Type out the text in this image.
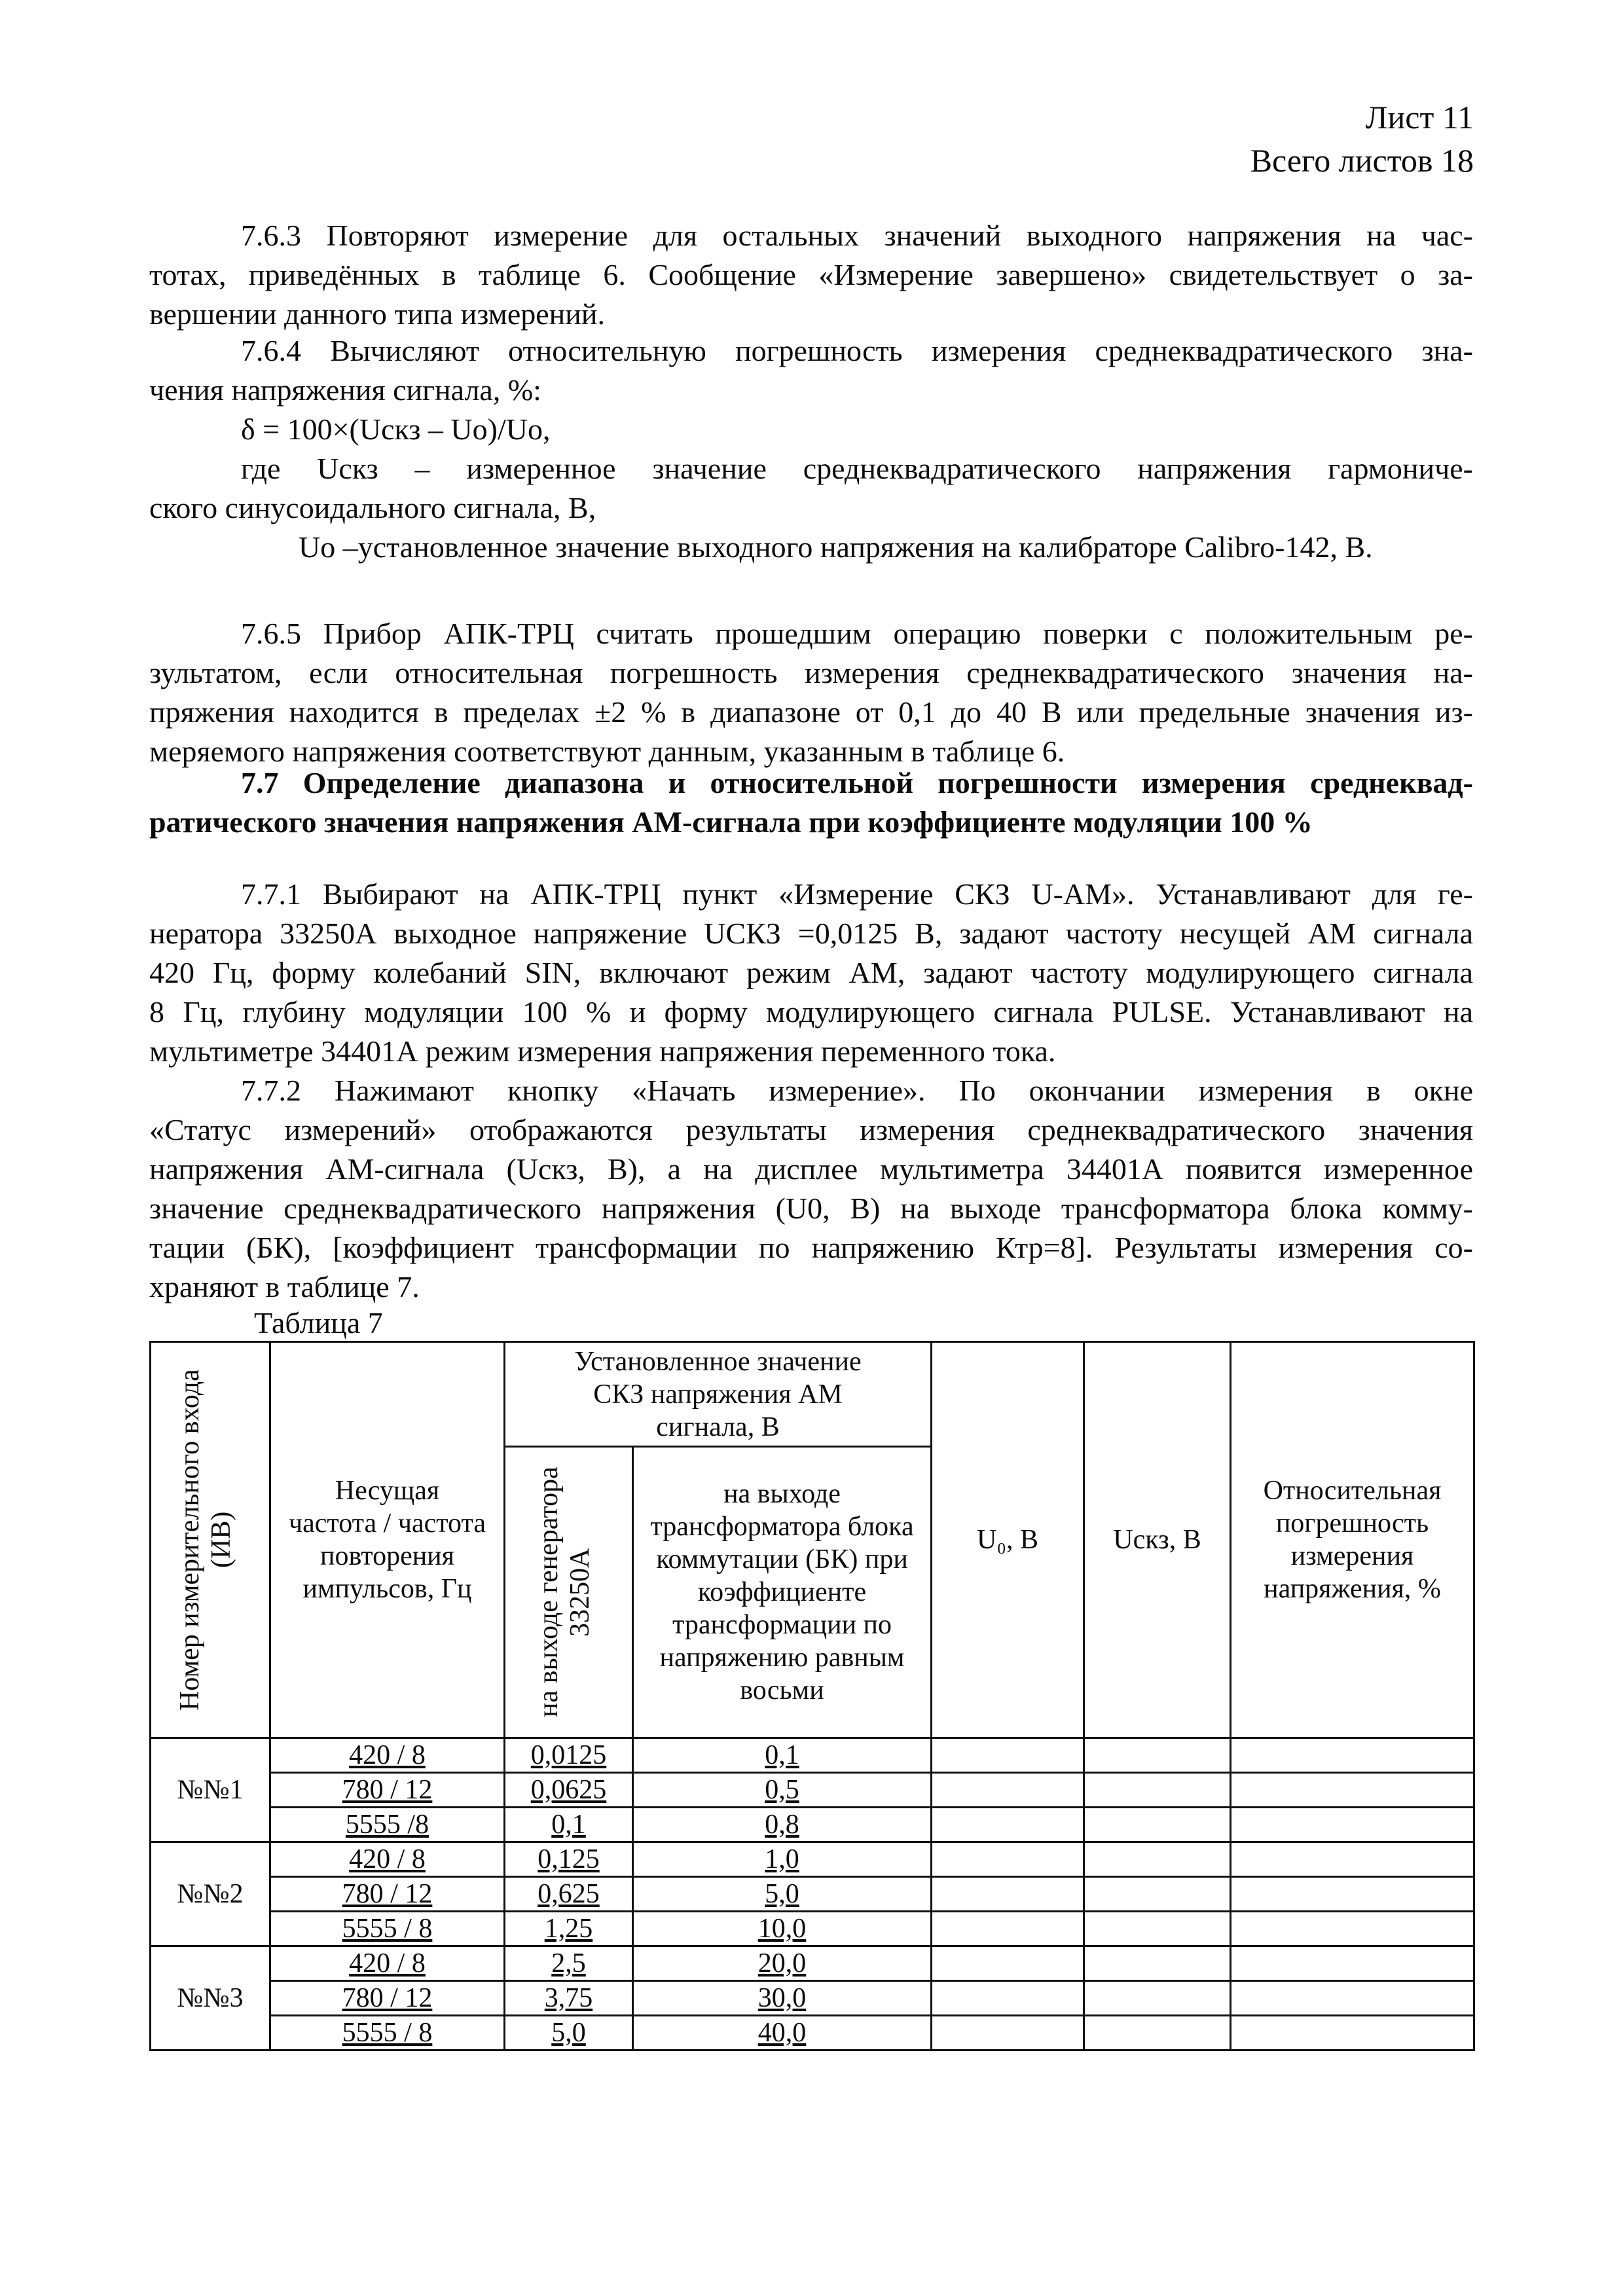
Лист 11
Всего листов 18
7.6.3 Повторяют измерение для остальных значений выходного напряжения на час-
тотах, приведённых в таблице 6. Сообщение «Измерение завершено» свидетельствует о за-
вершении данного типа измерений.
7.6.4 Вычисляют относительную погрешность измерения среднеквадратического зна-
чения напряжения сигнала, %:
δ = 100×(Uскз – Uo)/Uo,
где Uскз – измеренное значение среднеквадратического напряжения гармониче-
ского синусоидального сигнала, В,
Uo –установленное значение выходного напряжения на калибраторе Calibro-142, В.
7.6.5 Прибор АПК-ТРЦ считать прошедшим операцию поверки с положительным ре-
зультатом, если относительная погрешность измерения среднеквадратического значения на-
пряжения находится в пределах ±2 % в диапазоне от 0,1 до 40 В или предельные значения из-
меряемого напряжения соответствуют данным, указанным в таблице 6.
7.7 Определение диапазона и относительной погрешности измерения среднеквад-
ратического значения напряжения АМ-сигнала при коэффициенте модуляции 100 %
7.7.1 Выбирают на АПК-ТРЦ пункт «Измерение СКЗ U-AM». Устанавливают для ге-
нератора 33250А выходное напряжение UСКЗ =0,0125 В, задают частоту несущей АМ сигнала
420 Гц, форму колебаний SIN, включают режим АМ, задают частоту модулирующего сигнала
8 Гц, глубину модуляции 100 % и форму модулирующего сигнала PULSE. Устанавливают на
мультиметре 34401А режим измерения напряжения переменного тока.
7.7.2 Нажимают кнопку «Начать измерение». По окончании измерения в окне
«Статус измерений» отображаются результаты измерения среднеквадратического значения
напряжения АМ-сигнала (Uскз, В), а на дисплее мультиметра 34401А появится измеренное
значение среднеквадратического напряжения (U0, В) на выходе трансформатора блока комму-
тации (БК), [коэффициент трансформации по напряжению Ктр=8]. Результаты измерения со-
храняют в таблице 7.
Таблица 7
Номер измерительного входа (ИВ)	Несущая частота / частота повторения импульсов, Гц	Установленное значение СКЗ напряжения АМ сигнала, В		U₀, В	Uскз, В	Относительная погрешность измерения напряжения, %

		на выходе генератора 33250А	на выходе трансформатора блока коммутации (БК) при коэффициенте трансформации по напряжению равным восьми			

№№1	420 / 8	0,0125	0,1			
	780 / 12	0,0625	0,5			
	5555 /8	0,1	0,8			
№№2	420 / 8	0,125	1,0			
	780 / 12	0,625	5,0			
	5555 / 8	1,25	10,0			
№№3	420 / 8	2,5	20,0			
	780 / 12	3,75	30,0			
	5555 / 8	5,0	40,0			
